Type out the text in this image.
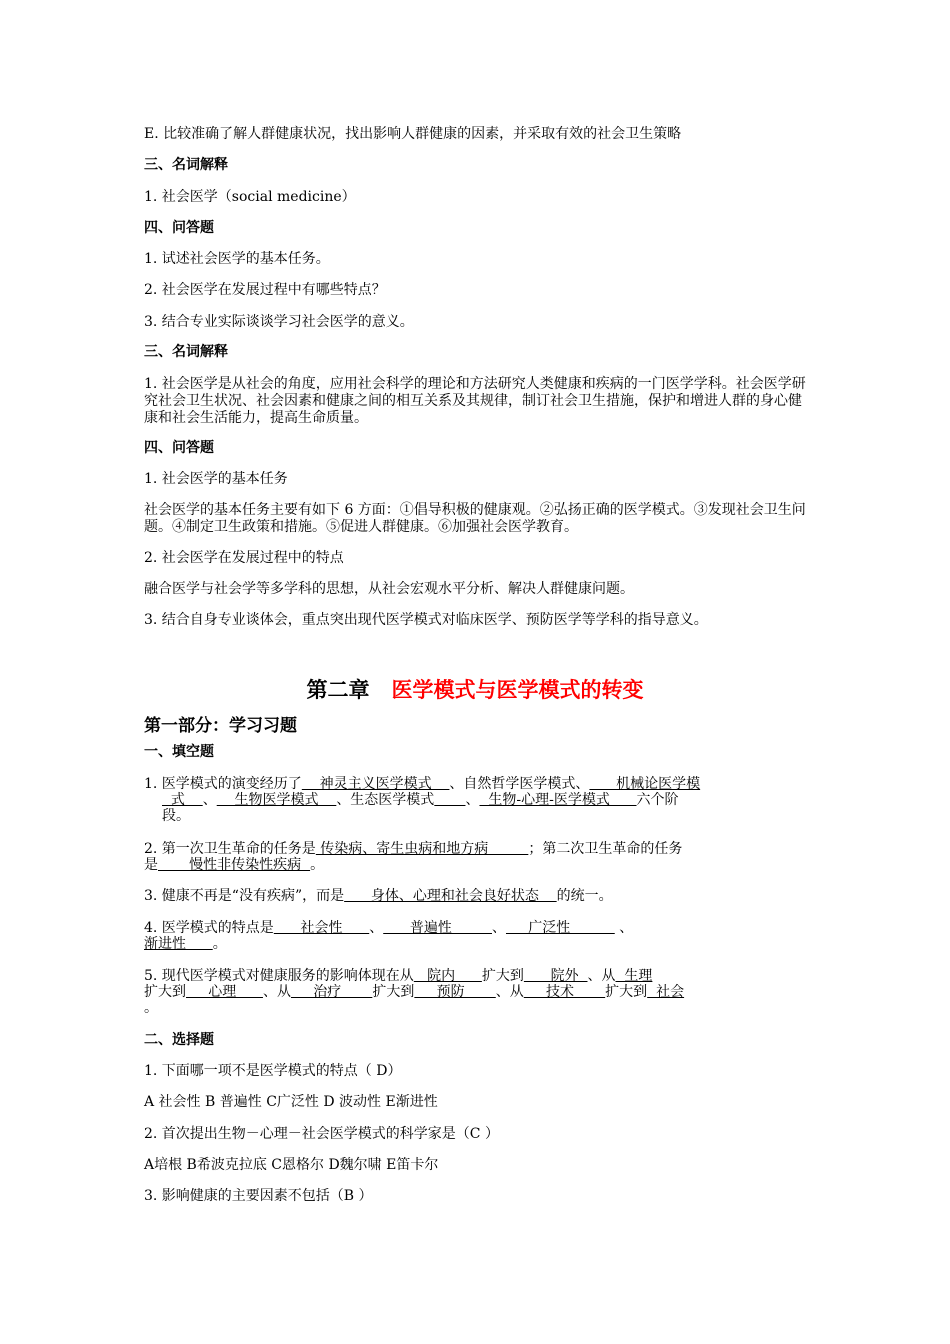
E. 比较准确了解人群健康状况，找出影响人群健康的因素，并采取有效的社会卫生策略
三、名词解释
1. 社会医学（social medicine）
四、问答题
1. 试述社会医学的基本任务。
2. 社会医学在发展过程中有哪些特点？
3. 结合专业实际谈谈学习社会医学的意义。
三、名词解释
1. 社会医学是从社会的角度，应用社会科学的理论和方法研究人类健康和疾病的一门医学学科。社会医学研究社会卫生状况、社会因素和健康之间的相互关系及其规律，制订社会卫生措施，保护和增进人群的身心健康和社会生活能力，提高生命质量。
四、问答题
1. 社会医学的基本任务
社会医学的基本任务主要有如下 6 方面：①倡导积极的健康观。②弘扬正确的医学模式。③发现社会卫生问题。④制定卫生政策和措施。⑤促进人群健康。⑥加强社会医学教育。
2. 社会医学在发展过程中的特点
融合医学与社会学等多学科的思想，从社会宏观水平分析、解决人群健康问题。
3. 结合自身专业谈体会，重点突出现代医学模式对临床医学、预防医学等学科的指导意义。
第二章 医学模式与医学模式的转变
第一部分：学习习题
一、填空题
1. 医学模式的演变经历了    神灵主义医学模式    、自然哲学医学模式、      机械论医学模
式    、    生物医学模式    、生态医学模式 、  生物-心理-医学模式      六个阶
段。
2. 第一次卫生革命的任务是 传染病、寄生虫病和地方病         ；第二次卫生革命的任务
是       慢性非传染性疾病  。
3. 健康不再是“没有疾病”，而是      身体、心理和社会良好状态    的统一。
4. 医学模式的特点是      社会性      、      普遍性         、     广泛性           、
渐进性 。
5. 现代医学模式对健康服务的影响体现在从   院内      扩大到      院外  、从  生理
扩大到     心理      、从     治疗       扩大到     预防       、从     技术       扩大到  社会
。
二、选择题
1. 下面哪一项不是医学模式的特点（ D）
A 社会性 B 普遍性 C广泛性 D 波动性 E渐进性
2. 首次提出生物－心理－社会医学模式的科学家是（C ）
A培根 B希波克拉底 C恩格尔 D魏尔啸 E笛卡尔
3. 影响健康的主要因素不包括（B ）
